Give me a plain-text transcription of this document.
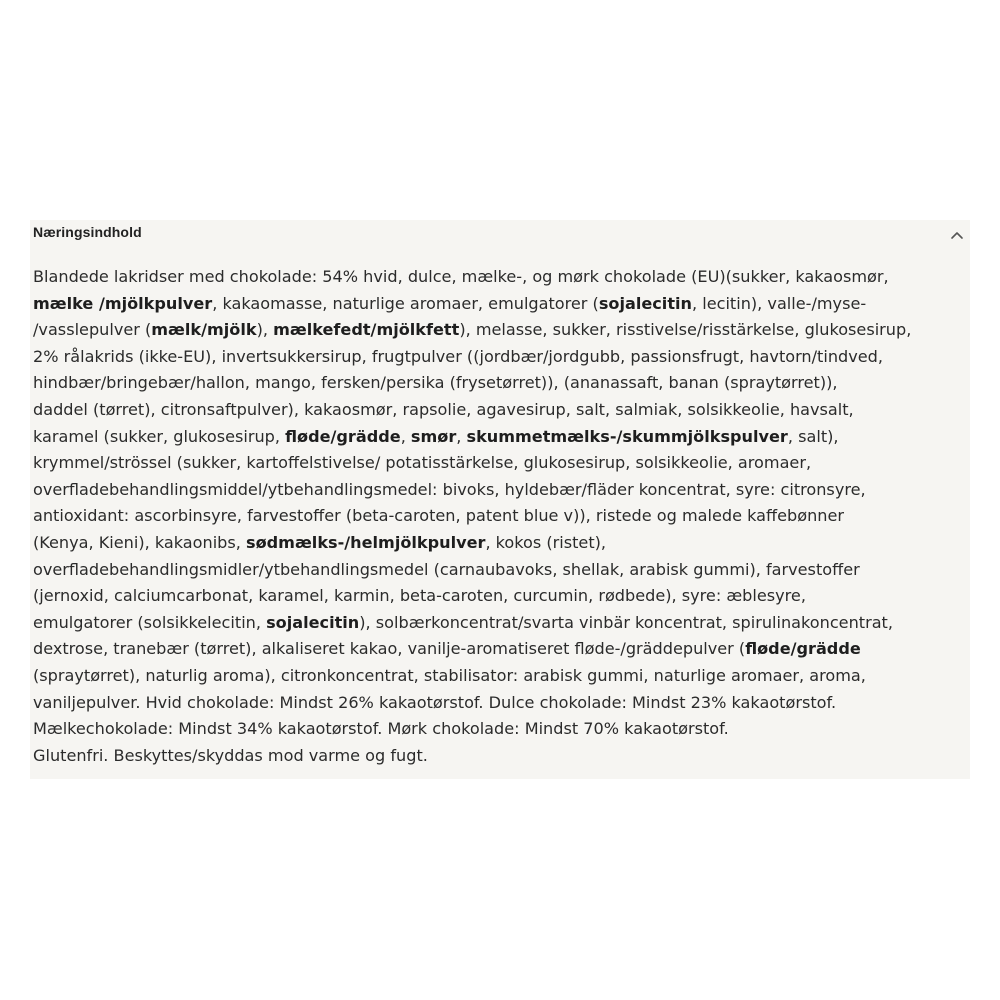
Næringsindhold
Blandede lakridser med chokolade: 54% hvid, dulce, mælke-, og mørk chokolade (EU)(sukker, kakaosmør,
mælke /mjölkpulver, kakaomasse, naturlige aromaer, emulgatorer (sojalecitin, lecitin), valle-/myse-
/vasslepulver (mælk/mjölk), mælkefedt/mjölkfett), melasse, sukker, risstivelse/risstärkelse, glukosesirup,
2% rålakrids (ikke-EU), invertsukkersirup, frugtpulver ((jordbær/jordgubb, passionsfrugt, havtorn/tindved,
hindbær/bringebær/hallon, mango, fersken/persika (frysetørret)), (ananassaft, banan (spraytørret)),
daddel (tørret), citronsaftpulver), kakaosmør, rapsolie, agavesirup, salt, salmiak, solsikkeolie, havsalt,
karamel (sukker, glukosesirup, fløde/grädde, smør, skummetmælks-/skummjölkspulver, salt),
krymmel/strössel (sukker, kartoffelstivelse/ potatisstärkelse, glukosesirup, solsikkeolie, aromaer,
overfladebehandlingsmiddel/ytbehandlingsmedel: bivoks, hyldebær/fläder koncentrat, syre: citronsyre,
antioxidant: ascorbinsyre, farvestoffer (beta-caroten, patent blue v)), ristede og malede kaffebønner
(Kenya, Kieni), kakaonibs, sødmælks-/helmjölkpulver, kokos (ristet),
overfladebehandlingsmidler/ytbehandlingsmedel (carnaubavoks, shellak, arabisk gummi), farvestoffer
(jernoxid, calciumcarbonat, karamel, karmin, beta-caroten, curcumin, rødbede), syre: æblesyre,
emulgatorer (solsikkelecitin, sojalecitin), solbærkoncentrat/svarta vinbär koncentrat, spirulinakoncentrat,
dextrose, tranebær (tørret), alkaliseret kakao, vanilje-aromatiseret fløde-/gräddepulver (fløde/grädde
(spraytørret), naturlig aroma), citronkoncentrat, stabilisator: arabisk gummi, naturlige aromaer, aroma,
vaniljepulver. Hvid chokolade: Mindst 26% kakaotørstof. Dulce chokolade: Mindst 23% kakaotørstof.
Mælkechokolade: Mindst 34% kakaotørstof. Mørk chokolade: Mindst 70% kakaotørstof.
Glutenfri. Beskyttes/skyddas mod varme og fugt.
